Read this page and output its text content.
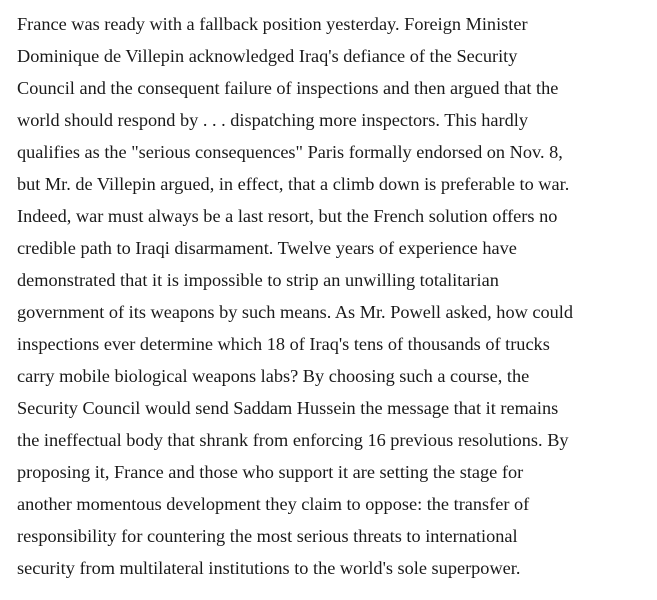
France was ready with a fallback position yesterday. Foreign Minister
Dominique de Villepin acknowledged Iraq's defiance of the Security
Council and the consequent failure of inspections and then argued that the
world should respond by . . . dispatching more inspectors. This hardly
qualifies as the "serious consequences" Paris formally endorsed on Nov. 8,
but Mr. de Villepin argued, in effect, that a climb down is preferable to war.
Indeed, war must always be a last resort, but the French solution offers no
credible path to Iraqi disarmament. Twelve years of experience have
demonstrated that it is impossible to strip an unwilling totalitarian
government of its weapons by such means. As Mr. Powell asked, how could
inspections ever determine which 18 of Iraq's tens of thousands of trucks
carry mobile biological weapons labs? By choosing such a course, the
Security Council would send Saddam Hussein the message that it remains
the ineffectual body that shrank from enforcing 16 previous resolutions. By
proposing it, France and those who support it are setting the stage for
another momentous development they claim to oppose: the transfer of
responsibility for countering the most serious threats to international
security from multilateral institutions to the world's sole superpower.
